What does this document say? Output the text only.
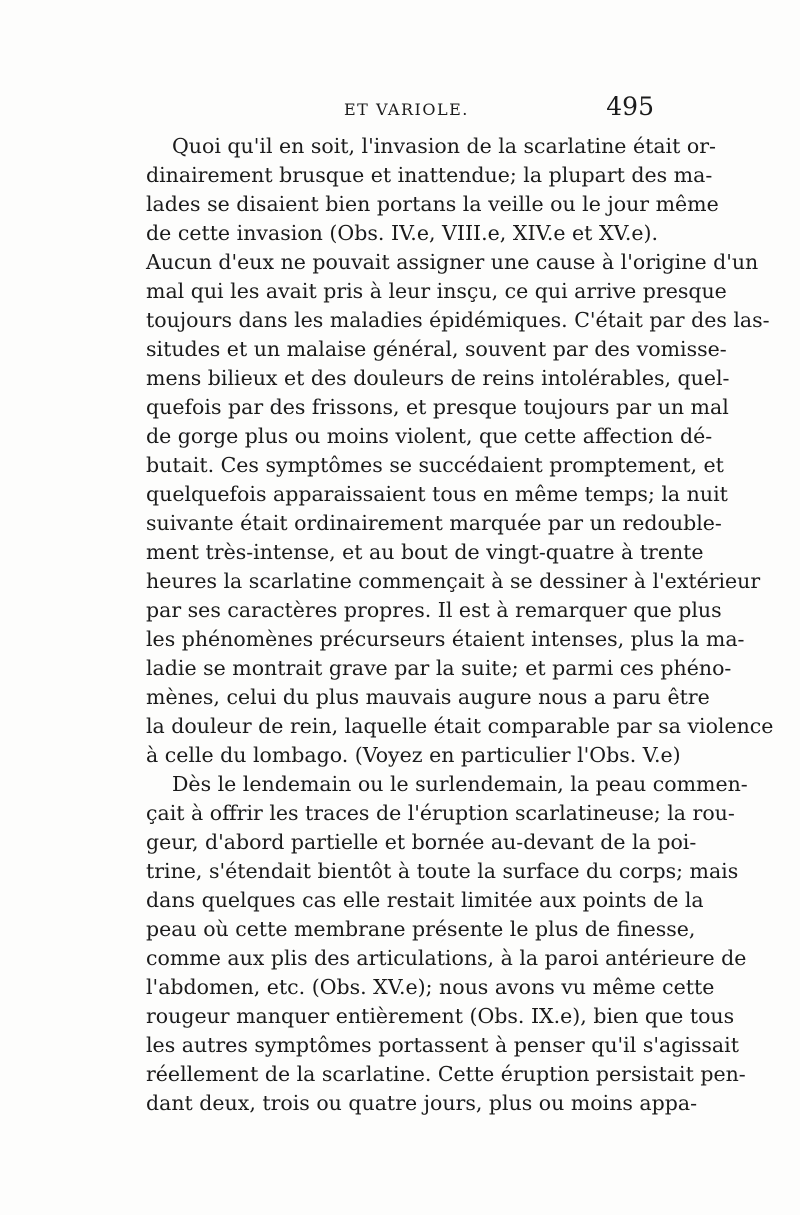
ET VARIOLE.	495
Quoi qu'il en soit, l'invasion de la scarlatine était or-
dinairement brusque et inattendue; la plupart des ma-
lades se disaient bien portans la veille ou le jour même
de cette invasion (Obs. IV.e, VIII.e, XIV.e et XV.e).
Aucun d'eux ne pouvait assigner une cause à l'origine d'un
mal qui les avait pris à leur insçu, ce qui arrive presque
toujours dans les maladies épidémiques. C'était par des las-
situdes et un malaise général, souvent par des vomisse-
mens bilieux et des douleurs de reins intolérables, quel-
quefois par des frissons, et presque toujours par un mal
de gorge plus ou moins violent, que cette affection dé-
butait. Ces symptômes se succédaient promptement, et
quelquefois apparaissaient tous en même temps; la nuit
suivante était ordinairement marquée par un redouble-
ment très-intense, et au bout de vingt-quatre à trente
heures la scarlatine commençait à se dessiner à l'extérieur
par ses caractères propres. Il est à remarquer que plus
les phénomènes précurseurs étaient intenses, plus la ma-
ladie se montrait grave par la suite; et parmi ces phéno-
mènes, celui du plus mauvais augure nous a paru être
la douleur de rein, laquelle était comparable par sa violence
à celle du lombago. (Voyez en particulier l'Obs. V.e)
Dès le lendemain ou le surlendemain, la peau commen-
çait à offrir les traces de l'éruption scarlatineuse; la rou-
geur, d'abord partielle et bornée au-devant de la poi-
trine, s'étendait bientôt à toute la surface du corps; mais
dans quelques cas elle restait limitée aux points de la
peau où cette membrane présente le plus de finesse,
comme aux plis des articulations, à la paroi antérieure de
l'abdomen, etc. (Obs. XV.e); nous avons vu même cette
rougeur manquer entièrement (Obs. IX.e), bien que tous
les autres symptômes portassent à penser qu'il s'agissait
réellement de la scarlatine. Cette éruption persistait pen-
dant deux, trois ou quatre jours, plus ou moins appa-
